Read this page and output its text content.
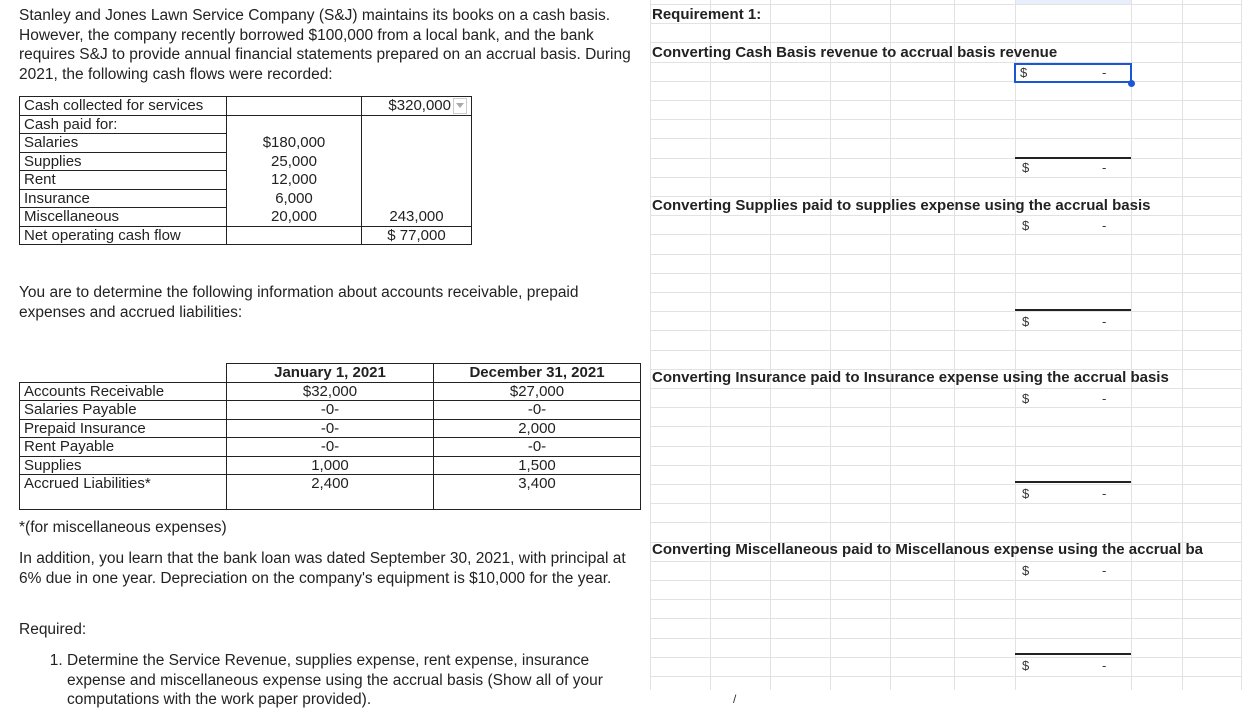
Stanley and Jones Lawn Service Company (S&J) maintains its books on a cash basis. However, the company recently borrowed $100,000 from a local bank, and the bank requires S&J to provide annual financial statements prepared on an accrual basis. During 2021, the following cash flows were recorded:
Cash collected for services		$320,000
Cash paid for:		
Salaries	$180,000	
Supplies	25,000	
Rent	12,000	
Insurance	6,000	
Miscellaneous	20,000	243,000
Net operating cash flow		$ 77,000
You are to determine the following information about accounts receivable, prepaid expenses and accrued liabilities:
	January 1, 2021	December 31, 2021
Accounts Receivable	$32,000	$27,000
Salaries Payable	-0-	-0-
Prepaid Insurance	-0-	2,000
Rent Payable	-0-	-0-
Supplies	1,000	1,500
Accrued Liabilities*	2,400	3,400
*(for miscellaneous expenses)
In addition, you learn that the bank loan was dated September 30, 2021, with principal at 6% due in one year. Depreciation on the company's equipment is $10,000 for the year.
Required:
1. Determine the Service Revenue, supplies expense, rent expense, insurance expense and miscellaneous expense using the accrual basis (Show all of your computations with the work paper provided).
Requirement 1:
Converting Cash Basis revenue to accrual basis revenue
$	-
$	-
Converting Supplies paid to supplies expense using the accrual basis
$	-
$	-
Converting Insurance paid to Insurance expense using the accrual basis
$	-
$	-
Converting Miscellaneous paid to Miscellanous expense using the accrual ba
$	-
$	-
/
